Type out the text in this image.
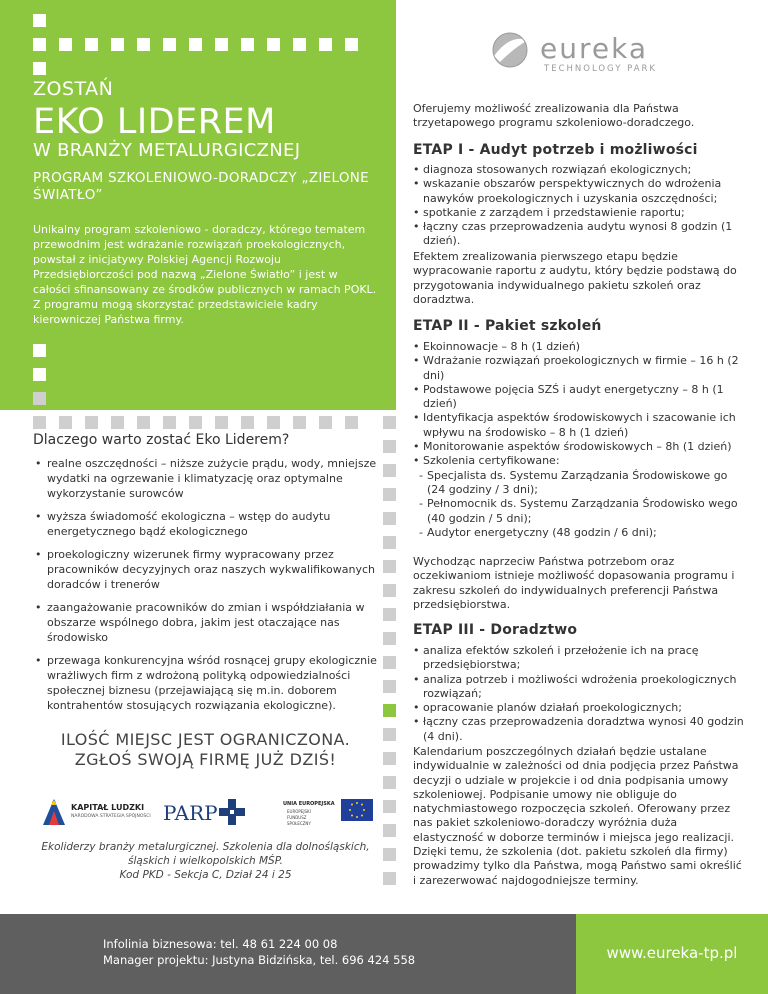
ZOSTAŃ
EKO LIDEREM
W BRANŻY METALURGICZNEJ
PROGRAM SZKOLENIOWO-DORADCZY „ZIELONE ŚWIATŁO”
Unikalny program szkoleniowo - doradczy, którego tematem przewodnim jest wdrażanie rozwiązań proekologicznych, powstał z inicjatywy Polskiej Agencji Rozwoju Przedsiębiorczości pod nazwą „Zielone Światło” i jest w całości sfinansowany ze środków publicznych w ramach POKL. Z programu mogą skorzystać przedstawiciele kadry kierowniczej Państwa firmy.
eureka
TECHNOLOGY PARK
Dlaczego warto zostać Eko Liderem?
• realne oszczędności – niższe zużycie prądu, wody, mniejsze wydatki na ogrzewanie i klimatyzację oraz optymalne wykorzystanie surowców
• wyższa świadomość ekologiczna – wstęp do audytu energetycznego bądź ekologicznego
• proekologiczny wizerunek firmy wypracowany przez pracowników decyzyjnych oraz naszych wykwalifikowanych doradców i trenerów
• zaangażowanie pracowników do zmian i współdziałania w obszarze wspólnego dobra, jakim jest otaczające nas środowisko
• przewaga konkurencyjna wśród rosnącej grupy ekologicznie wrażliwych firm z wdrożoną polityką odpowiedzialności społecznej biznesu (przejawiającą się m.in. doborem kontrahentów stosujących rozwiązania ekologiczne).
ILOŚĆ MIEJSC JEST OGRANICZONA.
ZGŁOŚ SWOJĄ FIRMĘ JUŻ DZIŚ!
KAPITAŁ LUDZKI
NARODOWA STRATEGIA SPÓJNOŚCI PARP	UNIA EUROPEJSKA
EUROPEJSKI FUNDUSZ SPOŁECZNY
Ekoliderzy branży metalurgicznej. Szkolenia dla dolnośląskich, śląskich i wielkopolskich MŚP.
Kod PKD - Sekcja C, Dział 24 i 25
Oferujemy możliwość zrealizowania dla Państwa trzyetapowego programu szkoleniowo-doradczego.
ETAP I - Audyt potrzeb i możliwości
• diagnoza stosowanych rozwiązań ekologicznych;
• wskazanie obszarów perspektywicznych do wdrożenia nawyków proekologicznych i uzyskania oszczędności;
• spotkanie z zarządem i przedstawienie raportu;
• łączny czas przeprowadzenia audytu wynosi 8 godzin (1 dzień).
Efektem zrealizowania pierwszego etapu będzie wypracowanie raportu z audytu, który będzie podstawą do przygotowania indywidualnego pakietu szkoleń oraz doradztwa.
ETAP II - Pakiet szkoleń
• Ekoinnowacje – 8 h (1 dzień)
• Wdrażanie rozwiązań proekologicznych w firmie – 16 h (2 dni)
• Podstawowe pojęcia SZŚ i audyt energetyczny – 8 h (1 dzień)
• Identyfikacja aspektów środowiskowych i szacowanie ich wpływu na środowisko – 8 h (1 dzień)
• Monitorowanie aspektów środowiskowych – 8h (1 dzień)
• Szkolenia certyfikowane:
- Specjalista ds. Systemu Zarządzania Środowiskowe go (24 godziny / 3 dni);
- Pełnomocnik ds. Systemu Zarządzania Środowisko wego (40 godzin / 5 dni);
- Audytor energetyczny (48 godzin / 6 dni);
Wychodząc naprzeciw Państwa potrzebom oraz oczekiwaniom istnieje możliwość dopasowania programu i zakresu szkoleń do indywidualnych preferencji Państwa przedsiębiorstwa.
ETAP III - Doradztwo
• analiza efektów szkoleń i przełożenie ich na pracę przedsiębiorstwa;
• analiza potrzeb i możliwości wdrożenia proekologicznych rozwiązań;
• opracowanie planów działań proekologicznych;
• łączny czas przeprowadzenia doradztwa wynosi 40 godzin (4 dni).
Kalendarium poszczególnych działań będzie ustalane indywidualnie w zależności od dnia podjęcia przez Państwa decyzji o udziale w projekcie i od dnia podpisania umowy szkoleniowej. Podpisanie umowy nie obliguje do natychmiastowego rozpoczęcia szkoleń. Oferowany przez nas pakiet szkoleniowo-doradczy wyróżnia duża elastyczność w doborze terminów i miejsca jego realizacji. Dzięki temu, że szkolenia (dot. pakietu szkoleń dla firmy) prowadzimy tylko dla Państwa, mogą Państwo sami określić i zarezerwować najdogodniejsze terminy.
Infolinia biznesowa: tel. 48 61 224 00 08
Manager projektu: Justyna Bidzińska, tel. 696 424 558	www.eureka-tp.pl
